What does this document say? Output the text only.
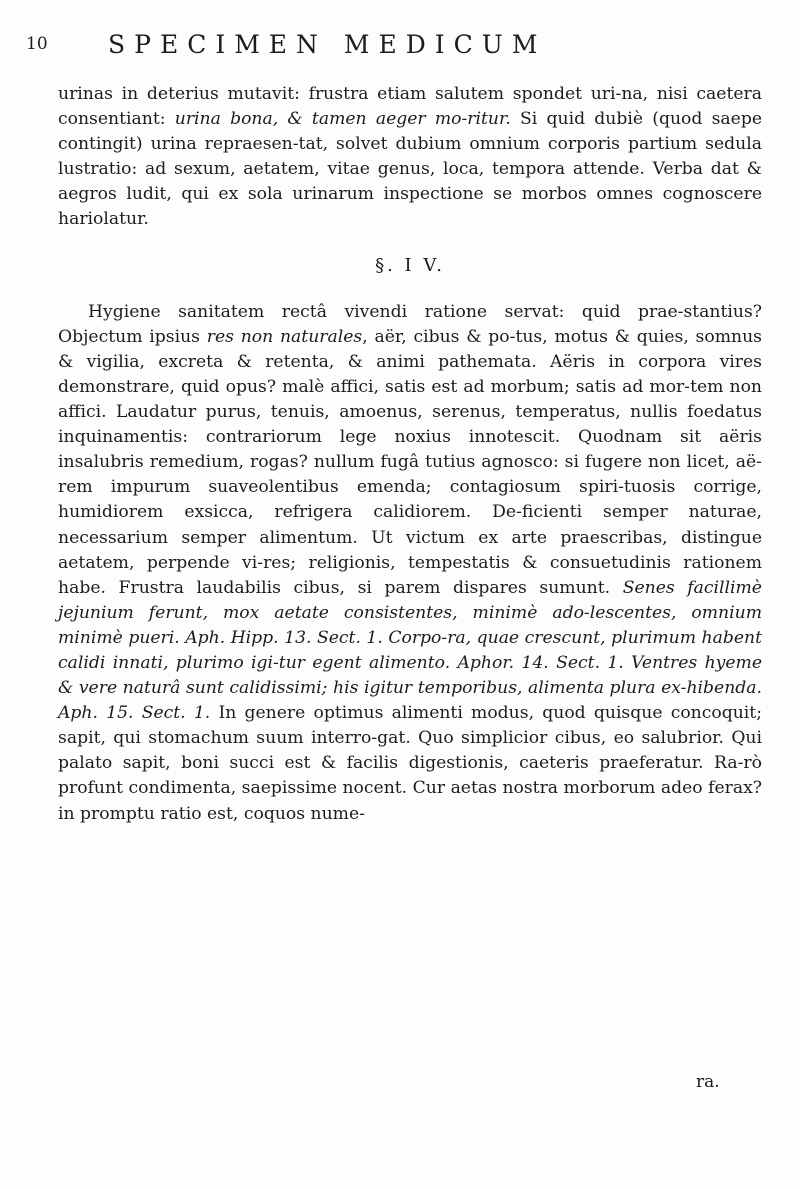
10 SPECIMEN MEDICUM

urinas in deterius mutavit: frustra etiam salutem spondet uri-na, nisi caetera consentiant: urina bona, & tamen aeger mo-ritur. Si quid dubiè (quod saepe contingit) urina repraesen-tat, solvet dubium omnium corporis partium sedula lustratio: ad sexum, aetatem, vitae genus, loca, tempora attende. Verba dat & aegros ludit, qui ex sola urinarum inspectione se morbos omnes cognoscere hariolatur.

§. I V.

Hygiene sanitatem rectâ vivendi ratione servat: quid prae-stantius? Objectum ipsius res non naturales, aër, cibus & po-tus, motus & quies, somnus & vigilia, excreta & retenta, & animi pathemata. Aëris in corpora vires demonstrare, quid opus? malè affici, satis est ad morbum; satis ad mor-tem non affici. Laudatur purus, tenuis, amoenus, serenus, temperatus, nullis foedatus inquinamentis: contrariorum lege noxius innotescit. Quodnam sit aëris insalubris remedium, rogas? nullum fugâ tutius agnosco: si fugere non licet, aë-rem impurum suaveolentibus emenda; contagiosum spiri-tuosis corrige, humidiorem exsicca, refrigera calidiorem. De-ficienti semper naturae, necessarium semper alimentum. Ut victum ex arte praescribas, distingue aetatem, perpende vi-res; religionis, tempestatis & consuetudinis rationem habe. Frustra laudabilis cibus, si parem dispares sumunt. Senes facillimè jejunium ferunt, mox aetate consistentes, minimè ado-lescentes, omnium minimè pueri. Aph. Hipp. 13. Sect. 1. Corpo-ra, quae crescunt, plurimum habent calidi innati, plurimo igi-tur egent alimento. Aphor. 14. Sect. 1. Ventres hyeme & vere naturâ sunt calidissimi; his igitur temporibus, alimenta plura ex-hibenda. Aph. 15. Sect. 1. In genere optimus alimenti modus, quod quisque concoquit; sapit, qui stomachum suum interro-gat. Quo simplicior cibus, eo salubrior. Qui palato sapit, boni succi est & facilis digestionis, caeteris praeferatur. Ra-rò profunt condimenta, saepissime nocent. Cur aetas nostra morborum adeo ferax? in promptu ratio est, coquos nume-

ra.
